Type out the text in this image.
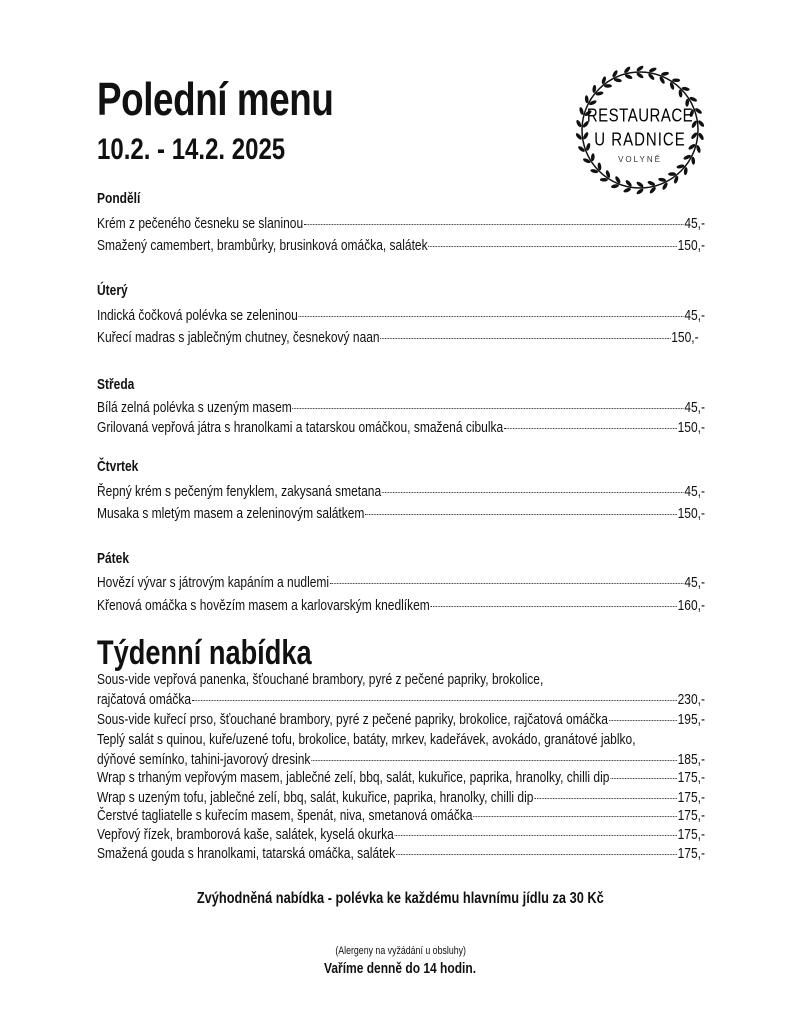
Polední menu
10.2. - 14.2. 2025
RESTAURACE
U RADNICE
VOLYNĚ
Pondělí
Krém z pečeného česneku se slaninou	45,-
Smažený camembert, brambůrky, brusinková omáčka, salátek	150,-
Úterý
Indická čočková polévka se zeleninou	45,-
Kuřecí madras s jablečným chutney, česnekový naan	150,-
Středa
Bílá zelná polévka s uzeným masem	45,-
Grilovaná vepřová játra s hranolkami a tatarskou omáčkou, smažená cibulka	150,-
Čtvrtek
Řepný krém s pečeným fenyklem, zakysaná smetana	45,-
Musaka s mletým masem a zeleninovým salátkem	150,-
Pátek
Hovězí vývar s játrovým kapáním a nudlemi	45,-
Křenová omáčka s hovězím masem a karlovarským knedlíkem	160,-
Týdenní nabídka
Sous-vide vepřová panenka, šťouchané brambory, pyré z pečené papriky, brokolice,
rajčatová omáčka	230,-
Sous-vide kuřecí prso, šťouchané brambory, pyré z pečené papriky, brokolice, rajčatová omáčka	195,-
Teplý salát s quinou, kuře/uzené tofu, brokolice, batáty, mrkev, kadeřávek, avokádo, granátové jablko,
dýňové semínko, tahini-javorový dresink	185,-
Wrap s trhaným vepřovým masem, jablečné zelí, bbq, salát, kukuřice, paprika, hranolky, chilli dip	175,-
Wrap s uzeným tofu, jablečné zelí, bbq, salát, kukuřice, paprika, hranolky, chilli dip	175,-
Čerstvé tagliatelle s kuřecím masem, špenát, niva, smetanová omáčka	175,-
Vepřový řízek, bramborová kaše, salátek, kyselá okurka	175,-
Smažená gouda s hranolkami, tatarská omáčka, salátek	175,-
Zvýhodněná nabídka - polévka ke každému hlavnímu jídlu za 30 Kč
(Alergeny na vyžádání u obsluhy)
Vaříme denně do 14 hodin.
